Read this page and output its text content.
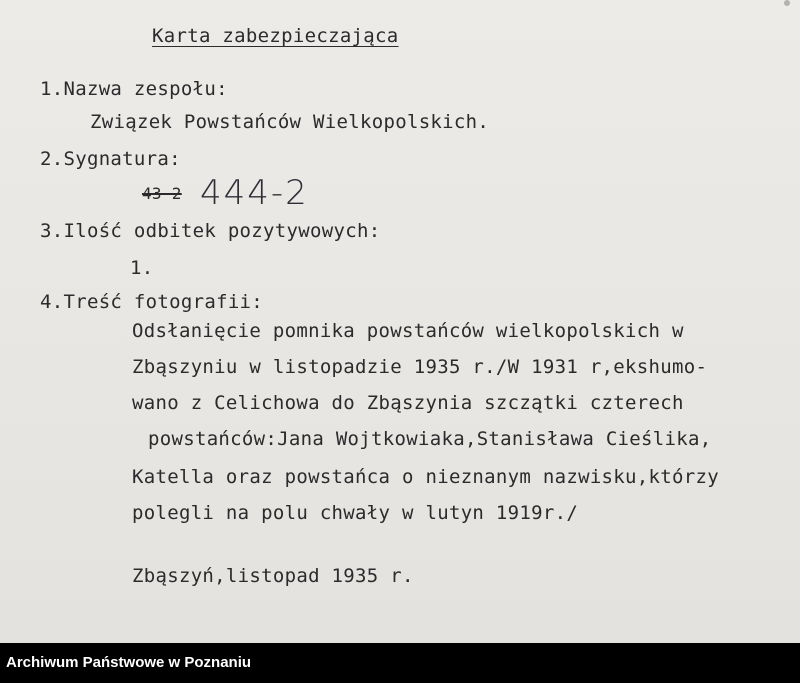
Karta zabezpieczająca

1.Nazwa zespołu:

Związek Powstańców Wielkopolskich.

2.Sygnatura:

43-2 444-2

3.Ilość odbitek pozytywowych:

1.

4.Treść fotografii:

Odsłanięcie pomnika powstańców wielkopolskich w

Zbąszyniu w listopadzie 1935 r./W 1931 r,ekshumo-

wano z Celichowa do Zbąszynia szczątki czterech

powstańców:Jana Wojtkowiaka,Stanisława Cieślika,

Katella oraz powstańca o nieznanym nazwisku,którzy

polegli na polu chwały w lutyn 1919r./

Zbąszyń,listopad 1935 r.

Archiwum Państwowe w Poznaniu
